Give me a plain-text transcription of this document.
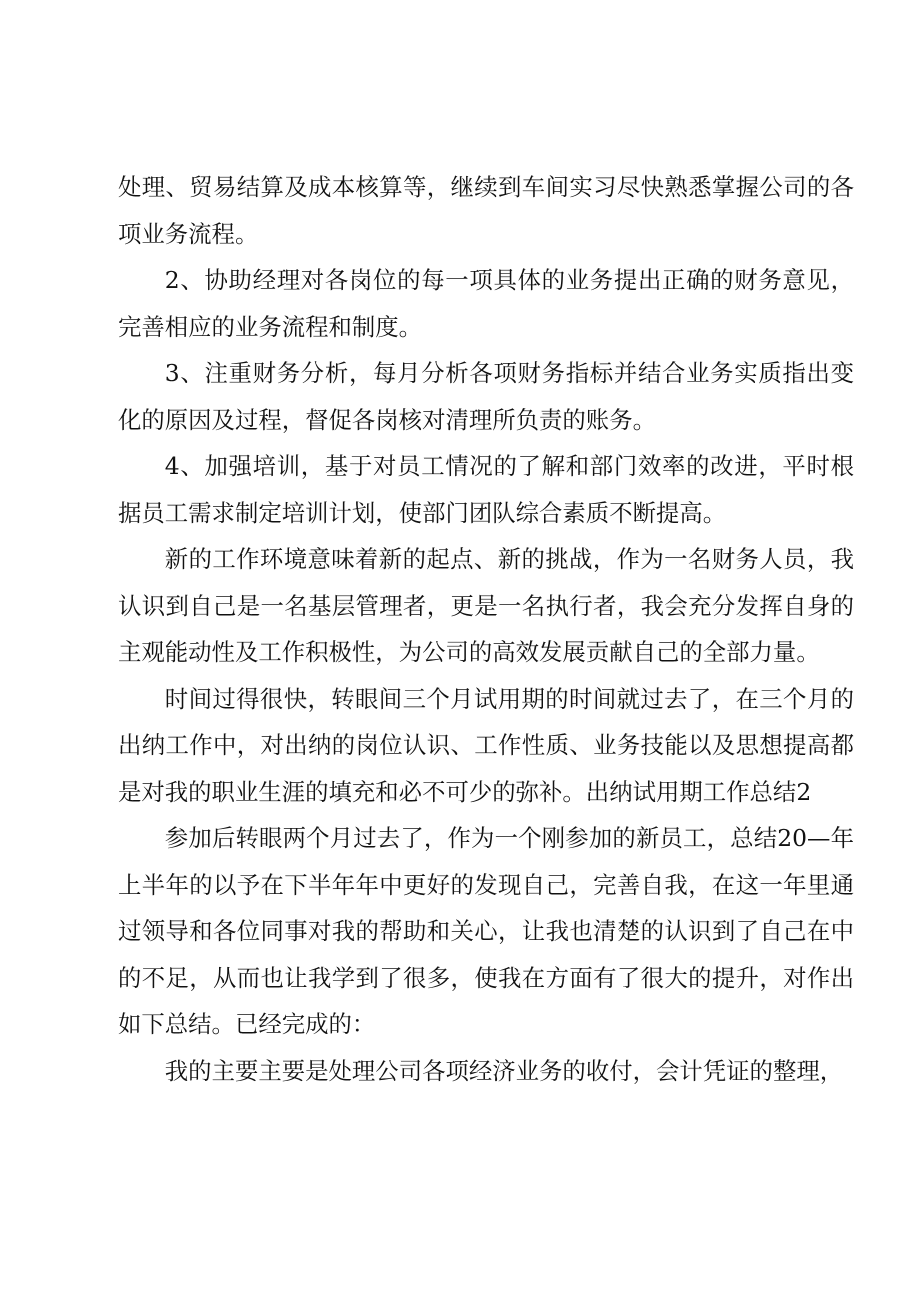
处理、贸易结算及成本核算等，继续到车间实习尽快熟悉掌握公司的各项业务流程。

2、协助经理对各岗位的每一项具体的业务提出正确的财务意见，完善相应的业务流程和制度。

3、注重财务分析，每月分析各项财务指标并结合业务实质指出变化的原因及过程，督促各岗核对清理所负责的账务。

4、加强培训，基于对员工情况的了解和部门效率的改进，平时根据员工需求制定培训计划，使部门团队综合素质不断提高。

新的工作环境意味着新的起点、新的挑战，作为一名财务人员，我认识到自己是一名基层管理者，更是一名执行者，我会充分发挥自身的主观能动性及工作积极性，为公司的高效发展贡献自己的全部力量。

时间过得很快，转眼间三个月试用期的时间就过去了，在三个月的出纳工作中，对出纳的岗位认识、工作性质、业务技能以及思想提高都是对我的职业生涯的填充和必不可少的弥补。出纳试用期工作总结2

参加后转眼两个月过去了，作为一个刚参加的新员工，总结20—年上半年的以予在下半年年中更好的发现自己，完善自我，在这一年里通过领导和各位同事对我的帮助和关心，让我也清楚的认识到了自己在中的不足，从而也让我学到了很多，使我在方面有了很大的提升，对作出如下总结。已经完成的：

我的主要主要是处理公司各项经济业务的收付，会计凭证的整理，
